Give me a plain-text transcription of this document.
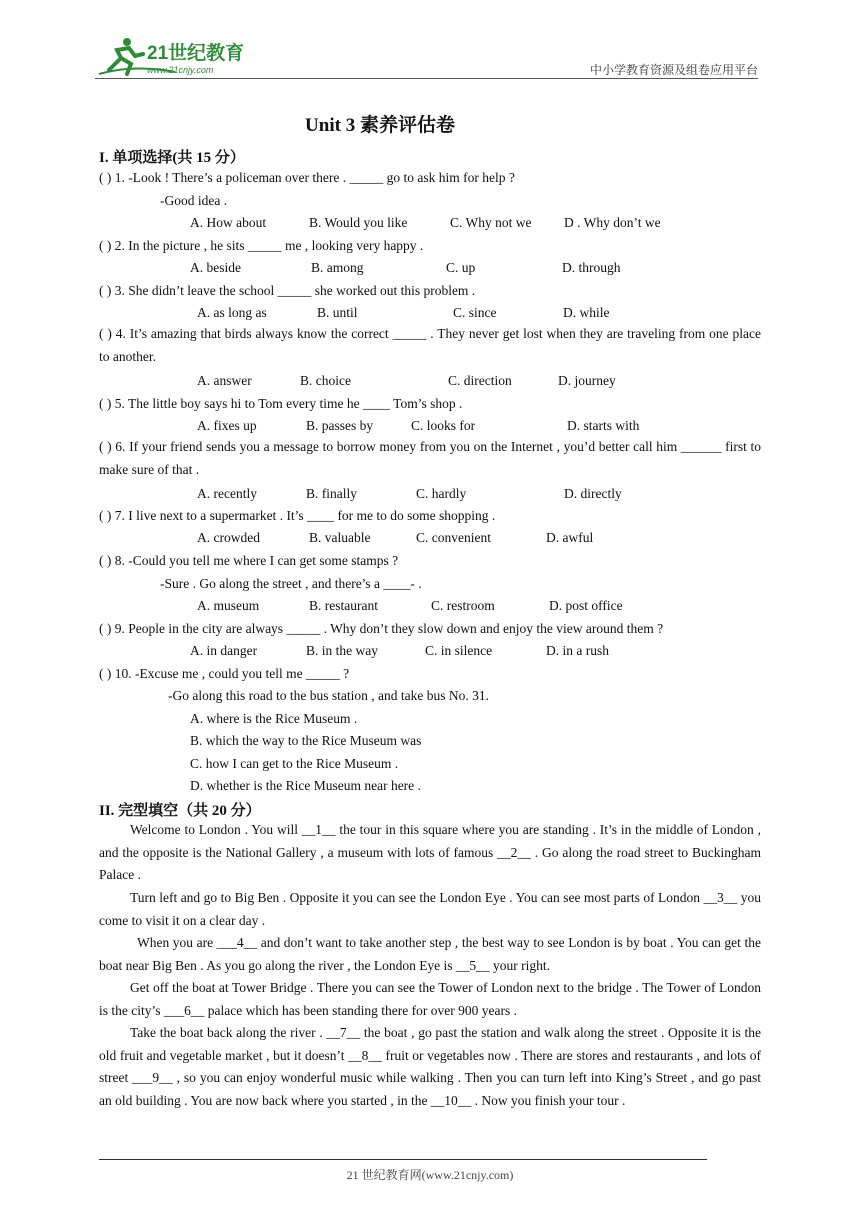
21世纪教育
www.21cnjy.com	中小学教育资源及组卷应用平台
Unit 3 素养评估卷
I. 单项选择(共 15 分）
( ) 1. -Look ! There’s a policeman over there . _____ go to ask him for help ?
-Good idea .
A. How about	B. Would you like	C. Why not we D . Why don’t we
( ) 2. In the picture , he sits _____ me , looking very happy .
A. beside	B. among	C. up	D. through
( ) 3. She didn’t leave the school _____ she worked out this problem .
A. as long as	B. until	C. since	D. while
( ) 4. It’s amazing that birds always know the correct _____ . They never get lost when they are traveling from one place to another.
A. answer	B. choice	C. direction	D. journey
( ) 5. The little boy says hi to Tom every time he ____ Tom’s shop .
A. fixes up	B. passes by	C. looks for	D. starts with
( ) 6. If your friend sends you a message to borrow money from you on the Internet , you’d better call him ______ first to make sure of that .
A. recently	B. finally	C. hardly	D. directly
( ) 7. I live next to a supermarket . It’s ____ for me to do some shopping .
A. crowded	B. valuable	C. convenient	D. awful
( ) 8. -Could you tell me where I can get some stamps ?
-Sure . Go along the street , and there’s a ____- .
A. museum	B. restaurant	C. restroom	D. post office
( ) 9. People in the city are always _____ . Why don’t they slow down and enjoy the view around them ?
A. in danger	B. in the way	C. in silence	D. in a rush
( ) 10. -Excuse me , could you tell me _____ ?
-Go along this road to the bus station , and take bus No. 31.
A. where is the Rice Museum .
B. which the way to the Rice Museum was
C. how I can get to the Rice Museum .
D. whether is the Rice Museum near here .
II. 完型填空（共 20 分）
Welcome to London . You will __1__ the tour in this square where you are standing . It’s in the middle of London , and the opposite is the National Gallery , a museum with lots of famous __2__ . Go along the road street to Buckingham Palace .
Turn left and go to Big Ben . Opposite it you can see the London Eye . You can see most parts of London __3__ you come to visit it on a clear day .
When you are ___4__ and don’t want to take another step , the best way to see London is by boat . You can get the boat near Big Ben . As you go along the river , the London Eye is __5__ your right.
Get off the boat at Tower Bridge . There you can see the Tower of London next to the bridge . The Tower of London is the city’s ___6__ palace which has been standing there for over 900 years .
Take the boat back along the river . __7__ the boat , go past the station and walk along the street . Opposite it is the old fruit and vegetable market , but it doesn’t __8__ fruit or vegetables now . There are stores and restaurants , and lots of street ___9__ , so you can enjoy wonderful music while walking . Then you can turn left into King’s Street , and go past an old building . You are now back where you started , in the __10__ . Now you finish your tour .
21 世纪教育网(www.21cnjy.com)
